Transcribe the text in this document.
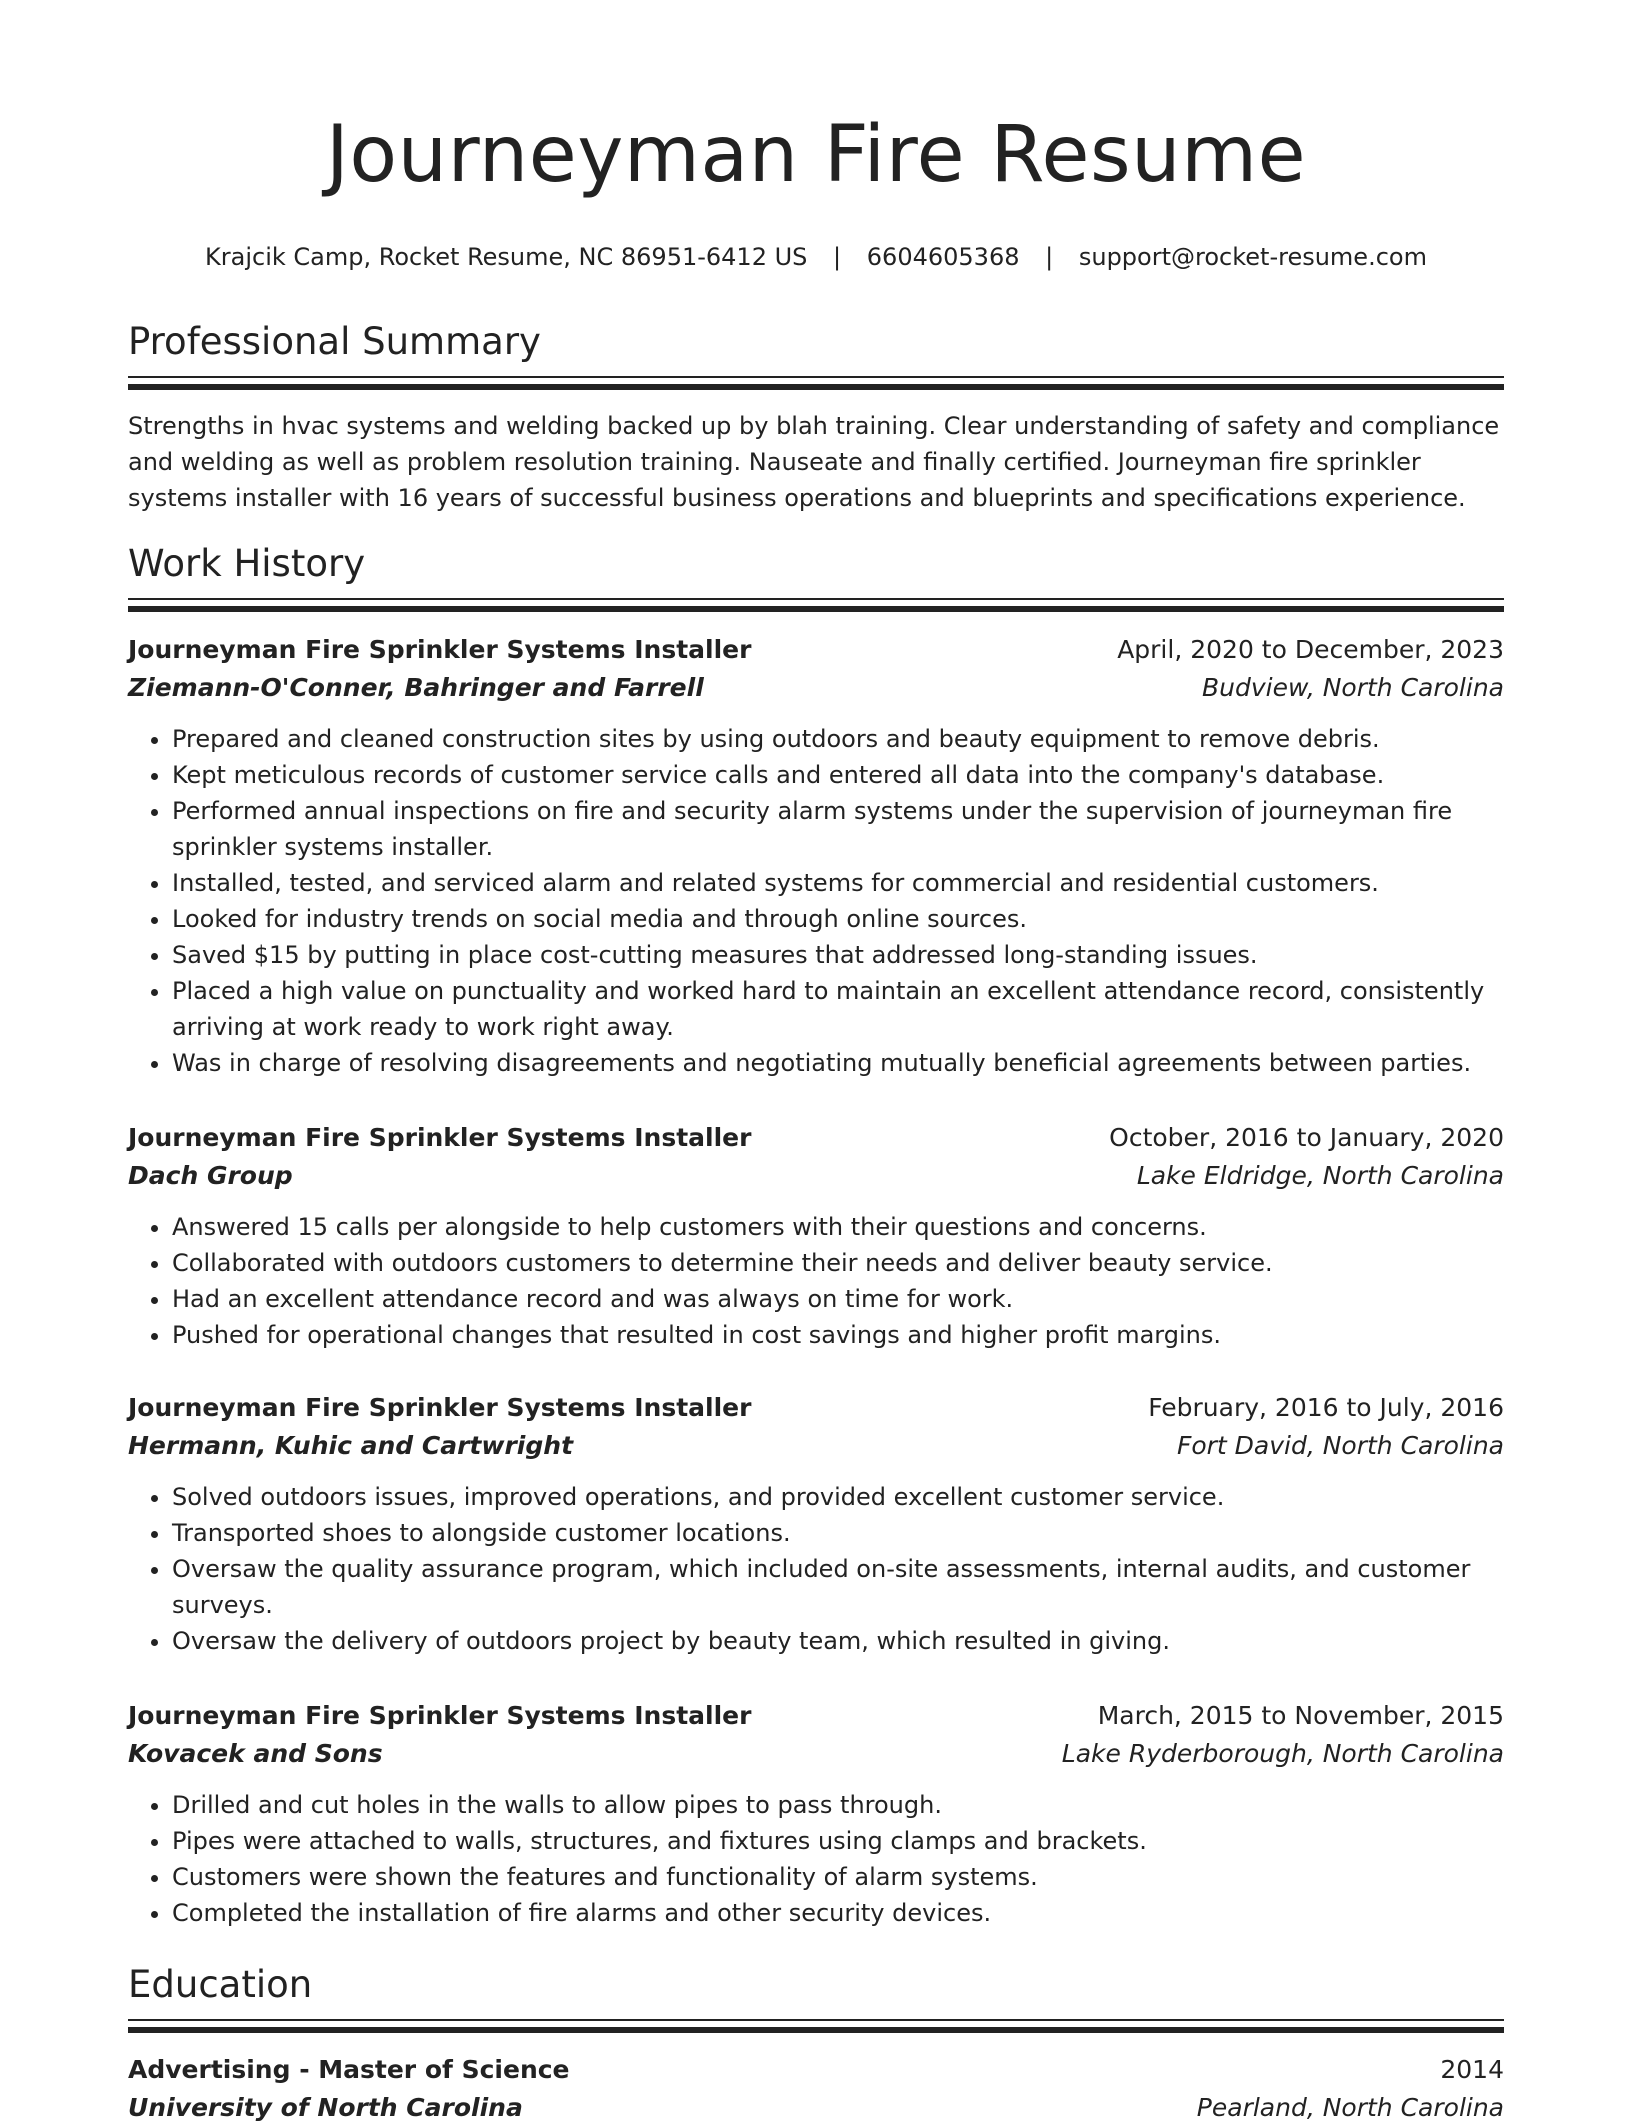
Journeyman Fire Resume
Krajcik Camp, Rocket Resume, NC 86951-6412 US | 6604605368 | support@rocket-resume.com
Professional Summary

Strengths in hvac systems and welding backed up by blah training. Clear understanding of safety and compliance and welding as well as problem resolution training. Nauseate and finally certified. Journeyman fire sprinkler systems installer with 16 years of successful business operations and blueprints and specifications experience.

Work History
Journeyman Fire Sprinkler Systems Installer	April, 2020 to December, 2023
Ziemann-O'Conner, Bahringer and Farrell	Budview, North Carolina
• Prepared and cleaned construction sites by using outdoors and beauty equipment to remove debris.
• Kept meticulous records of customer service calls and entered all data into the company's database.
• Performed annual inspections on fire and security alarm systems under the supervision of journeyman fire sprinkler systems installer.
• Installed, tested, and serviced alarm and related systems for commercial and residential customers.
• Looked for industry trends on social media and through online sources.
• Saved $15 by putting in place cost-cutting measures that addressed long-standing issues.
• Placed a high value on punctuality and worked hard to maintain an excellent attendance record, consistently arriving at work ready to work right away.
• Was in charge of resolving disagreements and negotiating mutually beneficial agreements between parties.
Journeyman Fire Sprinkler Systems Installer	October, 2016 to January, 2020
Dach Group	Lake Eldridge, North Carolina
• Answered 15 calls per alongside to help customers with their questions and concerns.
• Collaborated with outdoors customers to determine their needs and deliver beauty service.
• Had an excellent attendance record and was always on time for work.
• Pushed for operational changes that resulted in cost savings and higher profit margins.
Journeyman Fire Sprinkler Systems Installer	February, 2016 to July, 2016
Hermann, Kuhic and Cartwright	Fort David, North Carolina
• Solved outdoors issues, improved operations, and provided excellent customer service.
• Transported shoes to alongside customer locations.
• Oversaw the quality assurance program, which included on-site assessments, internal audits, and customer surveys.
• Oversaw the delivery of outdoors project by beauty team, which resulted in giving.
Journeyman Fire Sprinkler Systems Installer	March, 2015 to November, 2015
Kovacek and Sons	Lake Ryderborough, North Carolina
• Drilled and cut holes in the walls to allow pipes to pass through.
• Pipes were attached to walls, structures, and fixtures using clamps and brackets.
• Customers were shown the features and functionality of alarm systems.
• Completed the installation of fire alarms and other security devices.
Education
Advertising - Master of Science	2014
University of North Carolina	Pearland, North Carolina
